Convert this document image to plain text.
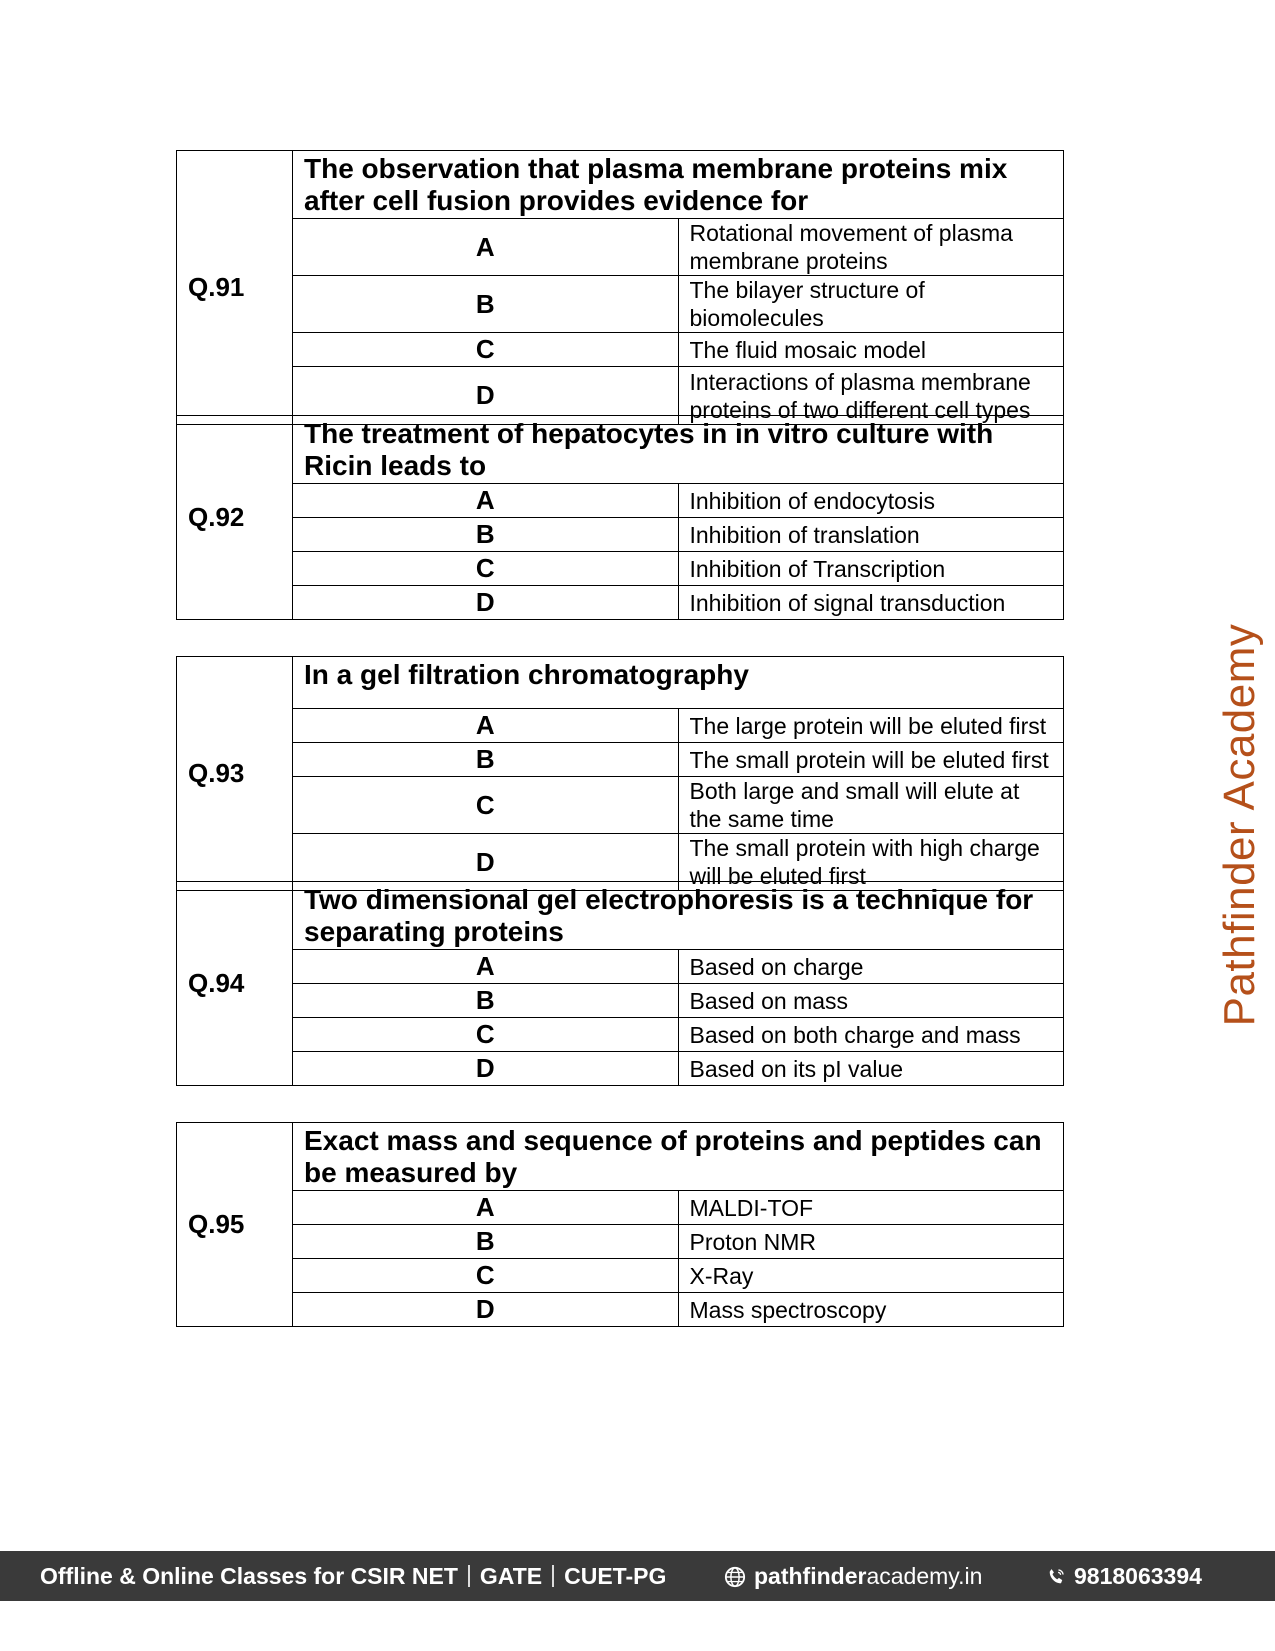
Q.91	The observation that plasma membrane proteins mix after cell fusion provides evidence for	
	A	Rotational movement of plasma membrane proteins
	B	The bilayer structure of biomolecules
	C	The fluid mosaic model
	D	Interactions of plasma membrane proteins of two different cell types
Q.92	The treatment of hepatocytes in in vitro culture with Ricin leads to	
	A	Inhibition of endocytosis
	B	Inhibition of translation
	C	Inhibition of Transcription
	D	Inhibition of signal transduction
Q.93	In a gel filtration chromatography	
	A	The large protein will be eluted first
	B	The small protein will be eluted first
	C	Both large and small will elute at the same time
	D	The small protein with high charge will be eluted first
Q.94	Two dimensional gel electrophoresis is a technique for separating proteins	
	A	Based on charge
	B	Based on mass
	C	Based on both charge and mass
	D	Based on its pI value
Q.95	Exact mass and sequence of proteins and peptides can be measured by	
	A	MALDI-TOF
	B	Proton NMR
	C	X-Ray
	D	Mass spectroscopy
Pathfinder Academy
Offline & Online Classes for CSIR NET GATE CUET-PG	pathfinderacademy.in	9818063394
